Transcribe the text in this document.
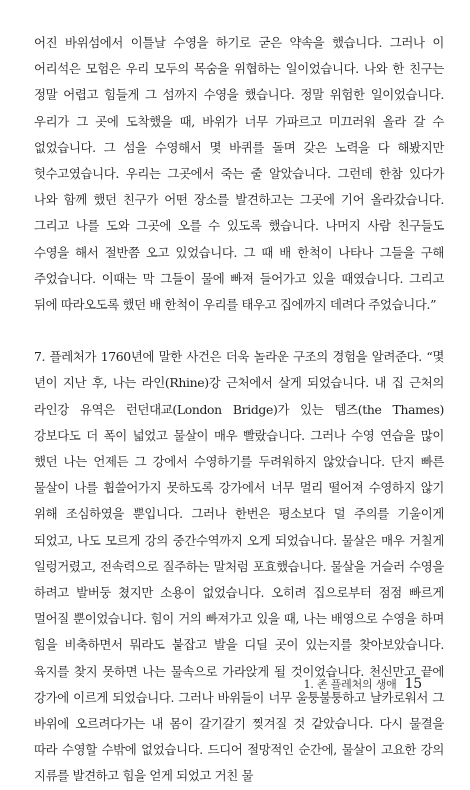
어진 바위섬에서 이틀날 수영을 하기로 굳은 약속을 했습니다. 그러나 이 어리석은 모험은 우리 모두의 목숨을 위협하는 일이었습니다. 나와 한 친구는 정말 어렵고 힘들게 그 섬까지 수영을 했습니다. 정말 위험한 일이었습니다. 우리가 그 곳에 도착했을 때, 바위가 너무 가파르고 미끄러워 올라 갈 수 없었습니다. 그 섬을 수영해서 몇 바퀴를 돌며 갖은 노력을 다 해봤지만 헛수고였습니다. 우리는 그곳에서 죽는 줄 알았습니다. 그런데 한참 있다가 나와 함께 했던 친구가 어떤 장소를 발견하고는 그곳에 기어 올라갔습니다. 그리고 나를 도와 그곳에 오를 수 있도록 했습니다. 나머지 사람 친구들도 수영을 해서 절반쯤 오고 있었습니다. 그 때 배 한척이 나타나 그들을 구해 주었습니다. 이때는 막 그들이 물에 빠져 들어가고 있을 때였습니다. 그리고 뒤에 따라오도록 했던 배 한척이 우리를 태우고 집에까지 데려다 주었습니다.”

7. 플레처가 1760년에 말한 사건은 더욱 놀라운 구조의 경험을 알려준다. “몇 년이 지난 후, 나는 라인(Rhine)강 근처에서 살게 되었습니다. 내 집 근처의 라인강 유역은 런던대교(London Bridge)가 있는 템즈(the Thames)강보다도 더 폭이 넓었고 물살이 매우 빨랐습니다. 그러나 수영 연습을 많이 했던 나는 언제든 그 강에서 수영하기를 두려워하지 않았습니다. 단지 빠른 물살이 나를 휩쓸어가지 못하도록 강가에서 너무 멀리 떨어져 수영하지 않기 위해 조심하였을 뿐입니다. 그러나 한번은 평소보다 덜 주의를 기울이게 되었고, 나도 모르게 강의 중간수역까지 오게 되었습니다. 물살은 매우 거칠게 일렁거렸고, 전속력으로 질주하는 말처럼 포효했습니다. 물살을 거슬러 수영을 하려고 발버둥 쳤지만 소용이 없었습니다. 오히려 집으로부터 점점 빠르게 멀어질 뿐이었습니다. 힘이 거의 빠져가고 있을 때, 나는 배영으로 수영을 하며 힘을 비축하면서 뭐라도 붙잡고 발을 디딜 곳이 있는지를 찾아보았습니다. 육지를 찾지 못하면 나는 물속으로 가라앉게 될 것이었습니다. 천신만고 끝에 강가에 이르게 되었습니다. 그러나 바위들이 너무 울퉁불퉁하고 날카로워서 그 바위에 오르려다가는 내 몸이 갈기갈기 찢겨질 것 같았습니다. 다시 물결을 따라 수영할 수밖에 없었습니다. 드디어 절망적인 순간에, 물살이 고요한 강의 지류를 발견하고 힘을 얻게 되었고 거친 물

1. 존 플레처의 생애 15
